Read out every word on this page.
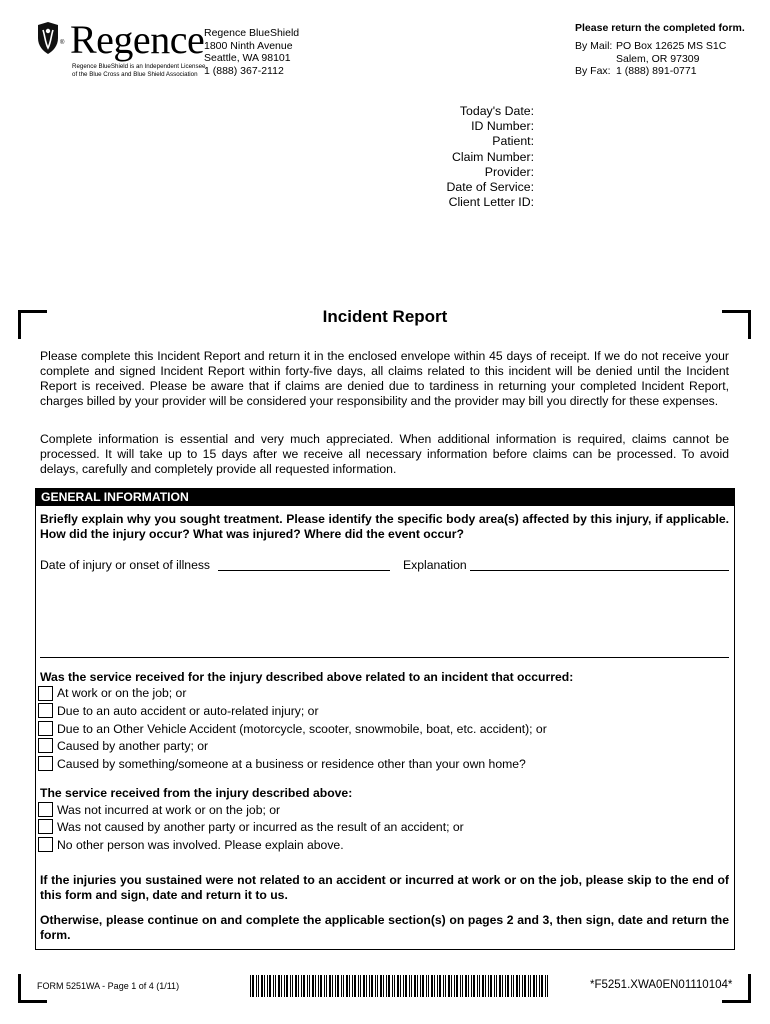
® Regence
Regence BlueShield is an Independent Licensee
of the Blue Cross and Blue Shield Association
Regence BlueShield
1800 Ninth Avenue
Seattle, WA 98101
1 (888) 367-2112
Please return the completed form.
By Mail: PO Box 12625 MS S1C
Salem, OR 97309
By Fax: 1 (888) 891-0771
Today's Date:
ID Number:
Patient:
Claim Number:
Provider:
Date of Service:
Client Letter ID:
Incident Report
Please complete this Incident Report and return it in the enclosed envelope within 45 days of receipt. If we do not receive your complete and signed Incident Report within forty-five days, all claims related to this incident will be denied until the Incident Report is received. Please be aware that if claims are denied due to tardiness in returning your completed Incident Report, charges billed by your provider will be considered your responsibility and the provider may bill you directly for these expenses.
Complete information is essential and very much appreciated. When additional information is required, claims cannot be processed. It will take up to 15 days after we receive all necessary information before claims can be processed. To avoid delays, carefully and completely provide all requested information.
GENERAL INFORMATION
Briefly explain why you sought treatment. Please identify the specific body area(s) affected by this injury, if applicable. How did the injury occur? What was injured? Where did the event occur?
Date of injury or onset of illness	Explanation
Was the service received for the injury described above related to an incident that occurred:
At work or on the job; or
Due to an auto accident or auto-related injury; or
Due to an Other Vehicle Accident (motorcycle, scooter, snowmobile, boat, etc. accident); or
Caused by another party; or
Caused by something/someone at a business or residence other than your own home?
The service received from the injury described above:
Was not incurred at work or on the job; or
Was not caused by another party or incurred as the result of an accident; or
No other person was involved. Please explain above.
If the injuries you sustained were not related to an accident or incurred at work or on the job, please skip to the end of this form and sign, date and return it to us.
Otherwise, please continue on and complete the applicable section(s) on pages 2 and 3, then sign, date and return the form.
FORM 5251WA - Page 1 of 4 (1/11)	*F5251.XWA0EN01110104*
